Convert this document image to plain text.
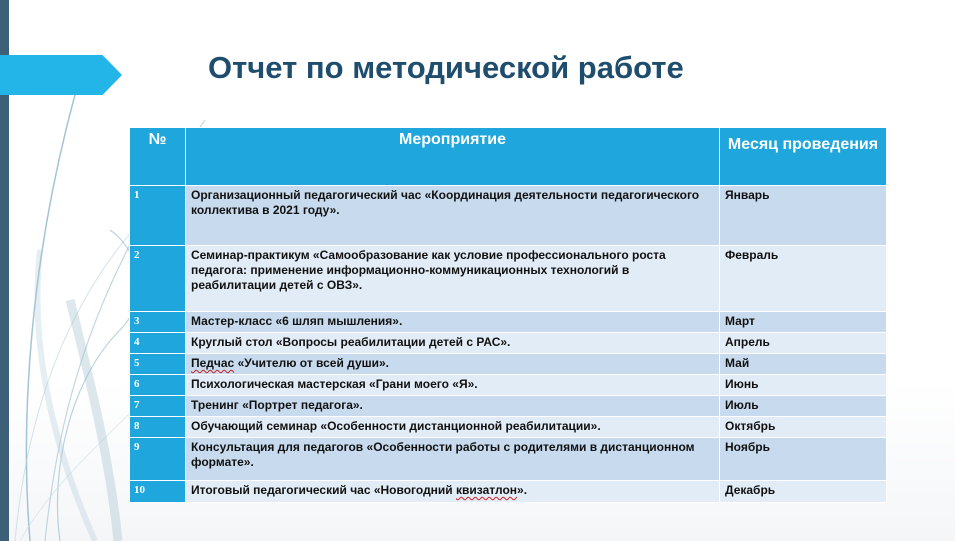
Отчет по методической работе
№	Мероприятие	Месяц проведения
1	Организационный педагогический час «Координация деятельности педагогического коллектива в 2021 году».	Январь
2	Семинар-практикум «Самообразование как условие профессионального роста педагога: применение информационно-коммуникационных технологий в реабилитации детей с ОВЗ».	Февраль
3	Мастер-класс «6 шляп мышления».	Март
4	Круглый стол «Вопросы реабилитации детей с РАС».	Апрель
5	Педчас «Учителю от всей души».	Май
6	Психологическая мастерская «Грани моего «Я».	Июнь
7	Тренинг «Портрет педагога».	Июль
8	Обучающий семинар «Особенности дистанционной реабилитации».	Октябрь
9	Консультация для педагогов «Особенности работы с родителями в дистанционном формате».	Ноябрь
10	Итоговый педагогический час «Новогодний квизатлон».	Декабрь
